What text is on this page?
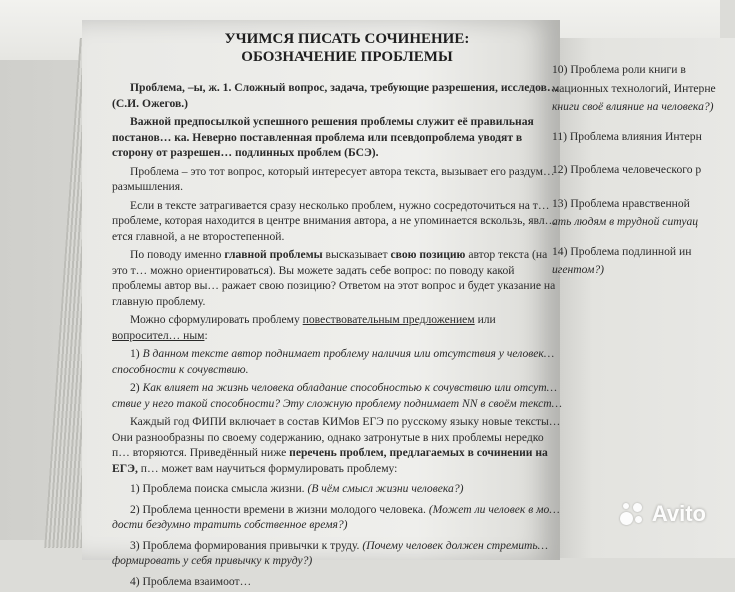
УЧИМСЯ ПИСАТЬ СОЧИНЕНИЕ:
ОБОЗНАЧЕНИЕ ПРОБЛЕМЫ

Проблема, –ы, ж. 1. Сложный вопрос, задача, требующие разрешения, исследов… (С.И. Ожегов.)

Важной предпосылкой успешного решения проблемы служит её правильная постанов… ка. Неверно поставленная проблема или псевдопроблема уводят в сторону от разрешен… подлинных проблем (БСЭ).

Проблема – это тот вопрос, который интересует автора текста, вызывает его раздум… размышления.

Если в тексте затрагивается сразу несколько проблем, нужно сосредоточиться на т… проблеме, которая находится в центре внимания автора, а не упоминается вскользь, явл… ется главной, а не второстепенной.

По поводу именно главной проблемы высказывает свою позицию автор текста (на это т… можно ориентироваться). Вы можете задать себе вопрос: по поводу какой проблемы автор вы… ражает свою позицию? Ответом на этот вопрос и будет указание на главную проблему.

Можно сформулировать проблему повествовательным предложением или вопросител… ным:

1) В данном тексте автор поднимает проблему наличия или отсутствия у человек… способности к сочувствию.

2) Как влияет на жизнь человека обладание способностью к сочувствию или отсут… ствие у него такой способности? Эту сложную проблему поднимает NN в своём текст…

Каждый год ФИПИ включает в состав КИМов ЕГЭ по русскому языку новые тексты… Они разнообразны по своему содержанию, однако затронутые в них проблемы нередко п… вторяются. Приведённый ниже перечень проблем, предлагаемых в сочинении на ЕГЭ, п… может вам научиться формулировать проблему:

1) Проблема поиска смысла жизни. (В чём смысл жизни человека?)

2) Проблема ценности времени в жизни молодого человека. (Может ли человек в мо… дости бездумно тратить собственное время?)

3) Проблема формирования привычки к труду. (Почему человек должен стремить… формировать у себя привычку к труду?)

4) Проблема взаимоот…

10) Проблема роли книги в
мационных технологий, Интерне
книги своё влияние на человека?)
11) Проблема влияния Интерн
12) Проблема человеческого р
13) Проблема нравственной
ать людям в трудной ситуац
14) Проблема подлинной ин
игентом?)
Avito
